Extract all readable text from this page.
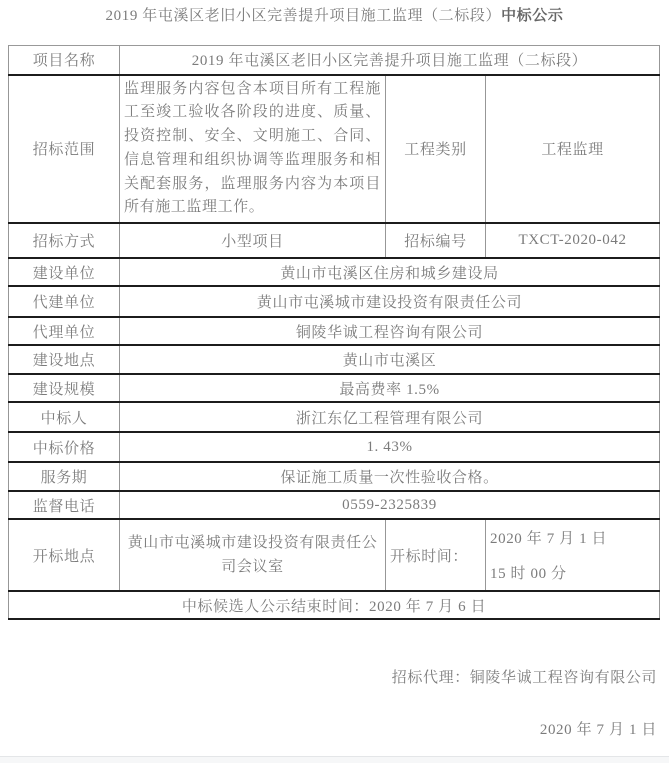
2019 年屯溪区老旧小区完善提升项目施工监理（二标段）中标公示
项目名称	2019 年屯溪区老旧小区完善提升项目施工监理（二标段）		
招标范围	监理服务内容包含本项目所有工程施工至竣工验收各阶段的进度、质量、投资控制、安全、文明施工、合同、信息管理和组织协调等监理服务和相关配套服务，监理服务内容为本项目所有施工监理工作。	工程类别	工程监理
招标方式	小型项目	招标编号	TXCT-2020-042
建设单位	黄山市屯溪区住房和城乡建设局		
代建单位	黄山市屯溪城市建设投资有限责任公司		
代理单位	铜陵华诚工程咨询有限公司		
建设地点	黄山市屯溪区		
建设规模	最高费率 1.5%		
中标人	浙江东亿工程管理有限公司		
中标价格	1. 43%		
服务期	保证施工质量一次性验收合格。		
监督电话	0559-2325839		
开标地点	黄山市屯溪城市建设投资有限责任公司会议室	开标时间：	2020 年 7 月 1 日
15 时 00 分

中标候选人公示结束时间：2020 年 7 月 6 日			
招标代理：铜陵华诚工程咨询有限公司
2020 年 7 月 1 日
